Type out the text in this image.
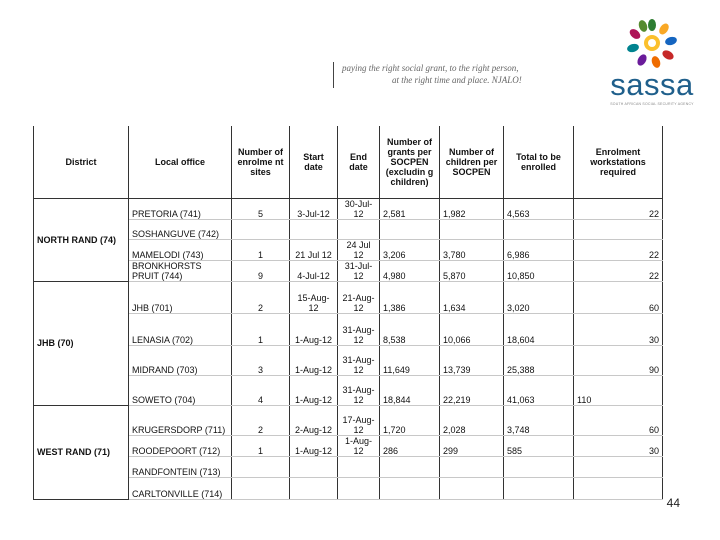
paying the right social grant, to the right person,
at the right time and place. NJALO!	sassa
SOUTH AFRICAN SOCIAL SECURITY AGENCY
District	Local office	Number of enrolme nt sites	Start date	End date	Number of grants per SOCPEN (excludin g children)	Number of children per SOCPEN	Total to be enrolled	Enrolment workstations required
NORTH RAND (74)	PRETORIA (741)	5	3-Jul-12	30-Jul-12	2,581	1,982	4,563	22
	SOSHANGUVE (742)							

	MAMELODI (743)	1	21 Jul 12	24 Jul 12	3,206	3,780	6,986	22
	BRONKHORSTS PRUIT (744)	9	4-Jul-12	31-Jul-12	4,980	5,870	10,850	22
JHB (70)	JHB (701)	2	15-Aug-12	21-Aug-12	1,386	1,634	3,020	60
	LENASIA (702)	1	1-Aug-12	31-Aug-12	8,538	10,066	18,604	30
	MIDRAND (703)	3	1-Aug-12	31-Aug-12	11,649	13,739	25,388	90
	SOWETO (704)	4	1-Aug-12	31-Aug-12	18,844	22,219	41,063	110

WEST RAND (71)	KRUGERSDORP (711)	2	2-Aug-12	17-Aug-12	1,720	2,028	3,748	60
	ROODEPOORT (712)	1	1-Aug-12	1-Aug-12	286	299	585	30
	RANDFONTEIN (713)							

	CARLTONVILLE (714)							
44
